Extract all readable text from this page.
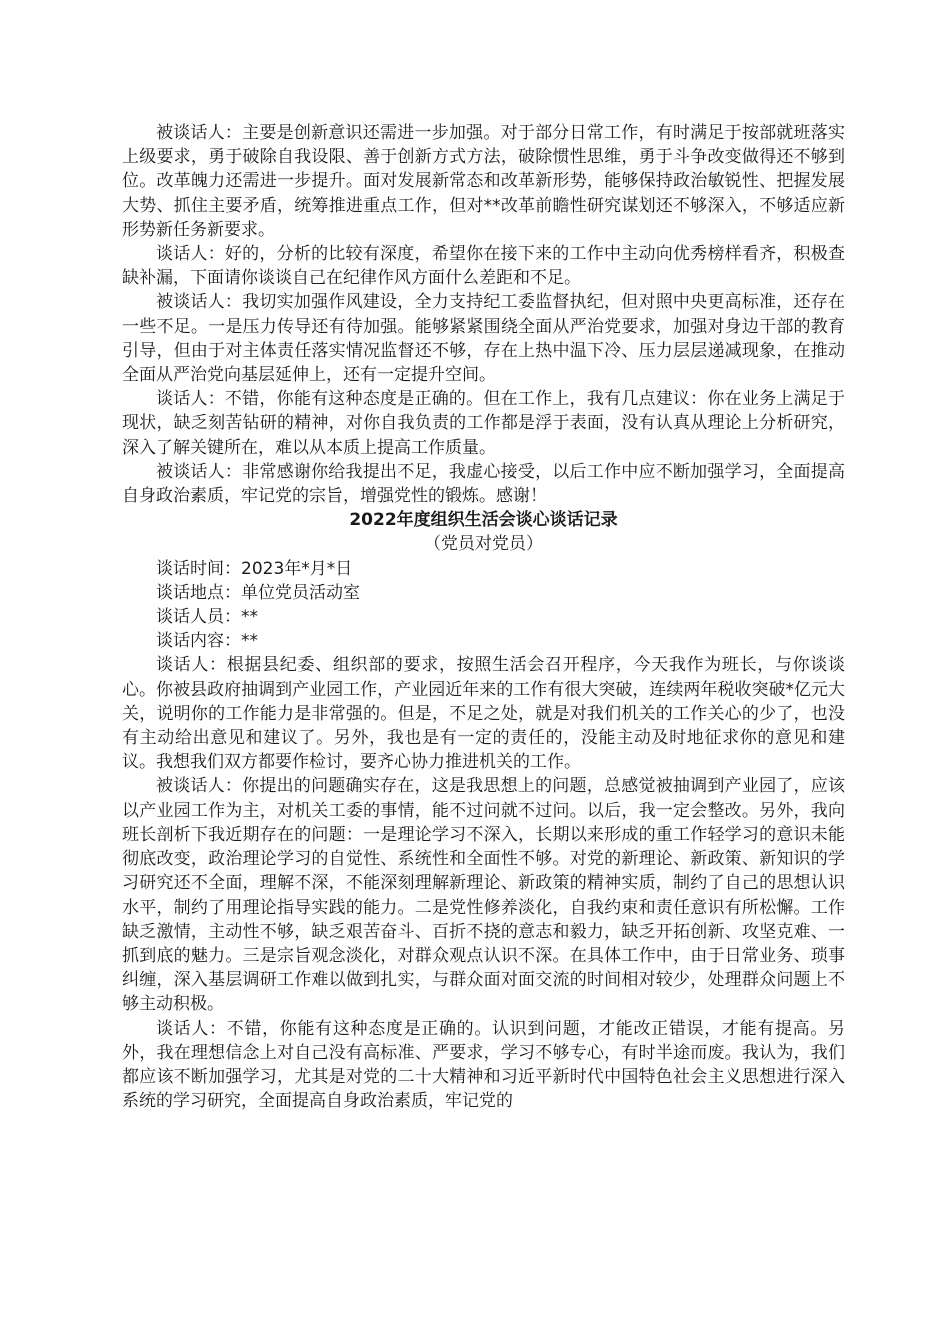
被谈话人：主要是创新意识还需进一步加强。对于部分日常工作，有时满足于按部就班落实上级要求，勇于破除自我设限、善于创新方式方法，破除惯性思维，勇于斗争改变做得还不够到位。改革魄力还需进一步提升。面对发展新常态和改革新形势，能够保持政治敏锐性、把握发展大势、抓住主要矛盾，统筹推进重点工作，但对**改革前瞻性研究谋划还不够深入，不够适应新形势新任务新要求。

谈话人：好的，分析的比较有深度，希望你在接下来的工作中主动向优秀榜样看齐，积极查缺补漏，下面请你谈谈自己在纪律作风方面什么差距和不足。

被谈话人：我切实加强作风建设，全力支持纪工委监督执纪，但对照中央更高标准，还存在一些不足。一是压力传导还有待加强。能够紧紧围绕全面从严治党要求，加强对身边干部的教育引导，但由于对主体责任落实情况监督还不够，存在上热中温下冷、压力层层递减现象，在推动全面从严治党向基层延伸上，还有一定提升空间。

谈话人：不错，你能有这种态度是正确的。但在工作上，我有几点建议：你在业务上满足于现状，缺乏刻苦钻研的精神，对你自我负责的工作都是浮于表面，没有认真从理论上分析研究，深入了解关键所在，难以从本质上提高工作质量。

被谈话人：非常感谢你给我提出不足，我虚心接受，以后工作中应不断加强学习，全面提高自身政治素质，牢记党的宗旨，增强党性的锻炼。感谢！

2022年度组织生活会谈心谈话记录

（党员对党员）

谈话时间：2023年*月*日

谈话地点：单位党员活动室

谈话人员：**

谈话内容：**

谈话人：根据县纪委、组织部的要求，按照生活会召开程序，今天我作为班长，与你谈谈心。你被县政府抽调到产业园工作，产业园近年来的工作有很大突破，连续两年税收突破*亿元大关，说明你的工作能力是非常强的。但是，不足之处，就是对我们机关的工作关心的少了，也没有主动给出意见和建议了。另外，我也是有一定的责任的，没能主动及时地征求你的意见和建议。我想我们双方都要作检讨，要齐心协力推进机关的工作。

被谈话人：你提出的问题确实存在，这是我思想上的问题，总感觉被抽调到产业园了，应该以产业园工作为主，对机关工委的事情，能不过问就不过问。以后，我一定会整改。另外，我向班长剖析下我近期存在的问题：一是理论学习不深入，长期以来形成的重工作轻学习的意识未能彻底改变，政治理论学习的自觉性、系统性和全面性不够。对党的新理论、新政策、新知识的学习研究还不全面，理解不深，不能深刻理解新理论、新政策的精神实质，制约了自己的思想认识水平，制约了用理论指导实践的能力。二是党性修养淡化，自我约束和责任意识有所松懈。工作缺乏激情，主动性不够，缺乏艰苦奋斗、百折不挠的意志和毅力，缺乏开拓创新、攻坚克难、一抓到底的魅力。三是宗旨观念淡化，对群众观点认识不深。在具体工作中，由于日常业务、琐事纠缠，深入基层调研工作难以做到扎实，与群众面对面交流的时间相对较少，处理群众问题上不够主动积极。

谈话人：不错，你能有这种态度是正确的。认识到问题，才能改正错误，才能有提高。另外，我在理想信念上对自己没有高标准、严要求，学习不够专心，有时半途而废。我认为，我们都应该不断加强学习，尤其是对党的二十大精神和习近平新时代中国特色社会主义思想进行深入系统的学习研究，全面提高自身政治素质，牢记党的
